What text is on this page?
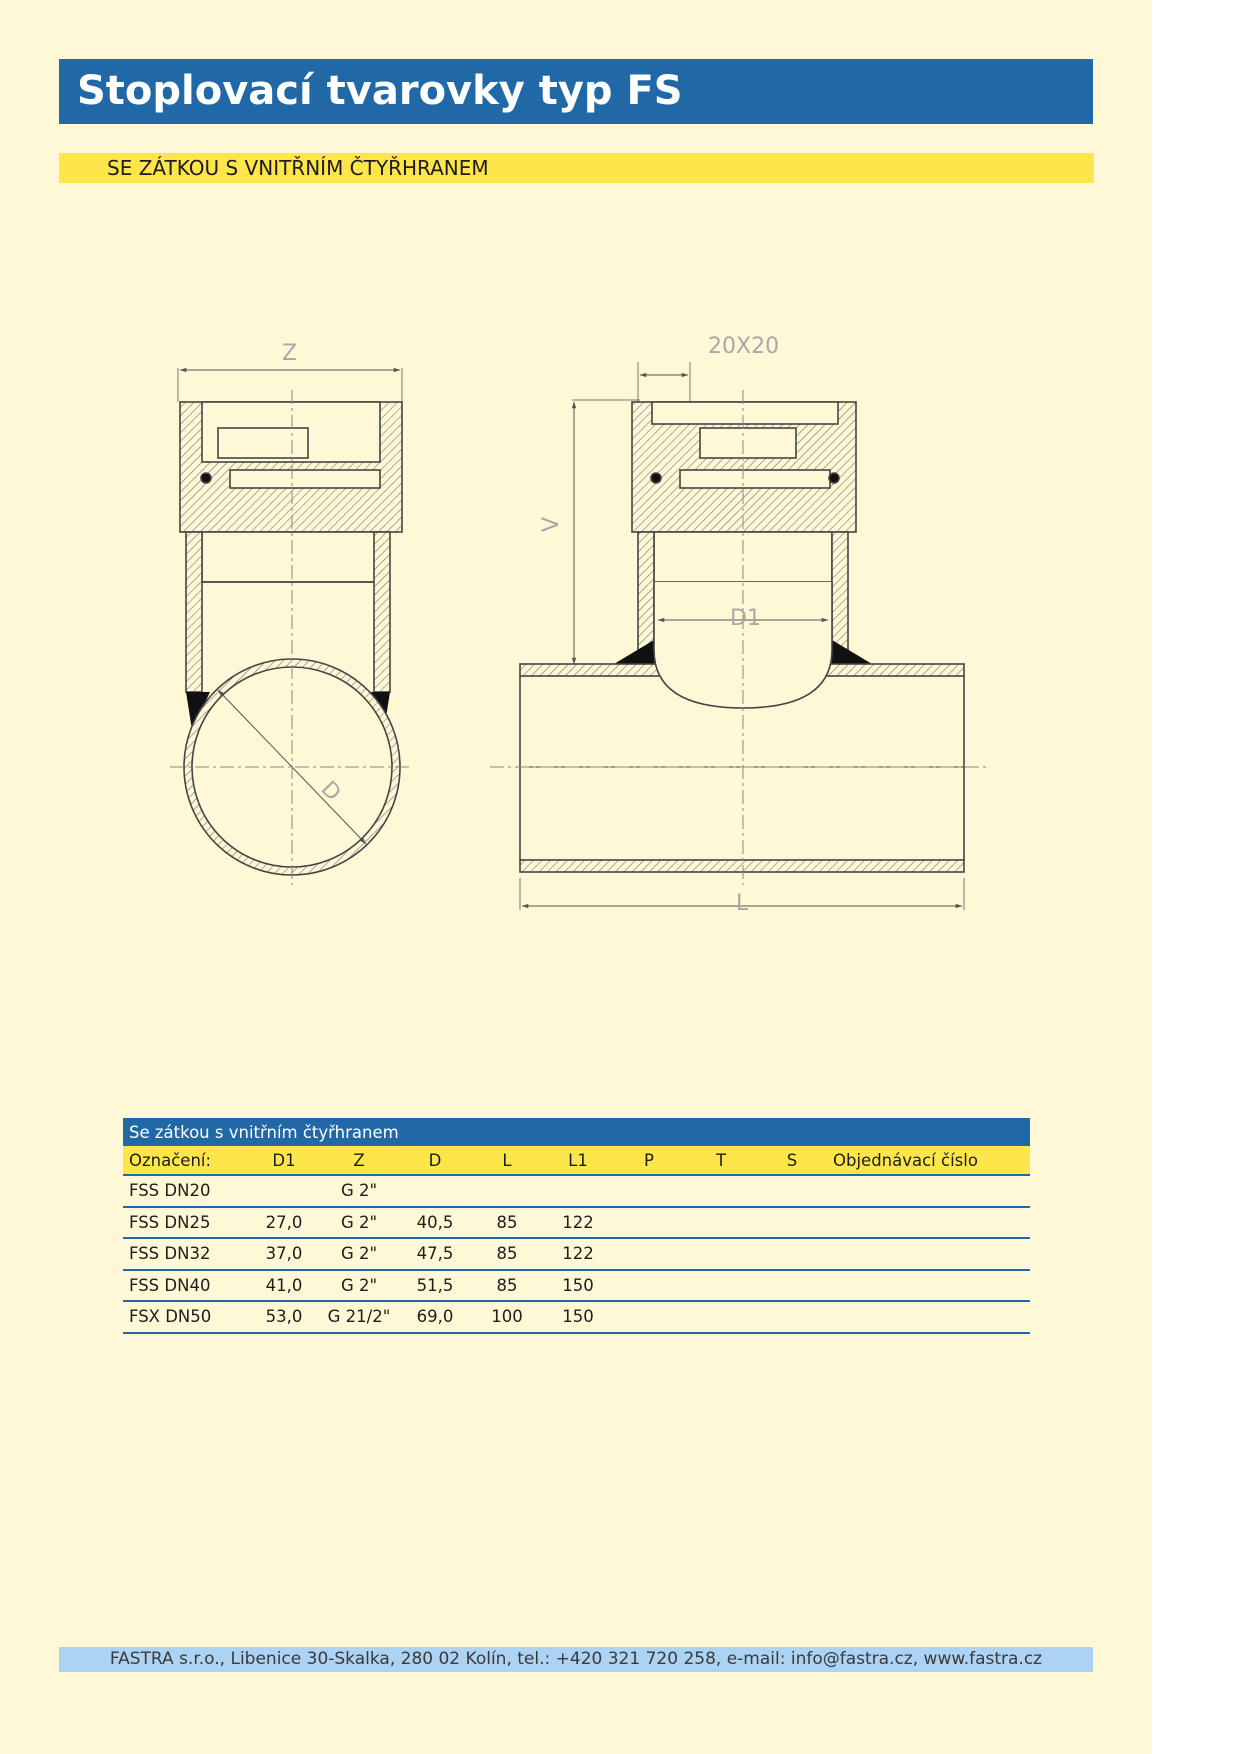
Stoplovací tvarovky typ FS
SE ZÁTKOU S VNITŘNÍM ČTYŘHRANEM
Z
D
20X20
V
D1
L
Se zátkou s vnitřním čtyřhranem									
Označení:	D1	Z	D	L	L1	P	T	S	Objednávací číslo
FSS DN20		G 2"							
FSS DN25	27,0	G 2"	40,5	85	122				
FSS DN32	37,0	G 2"	47,5	85	122				
FSS DN40	41,0	G 2"	51,5	85	150				
FSX DN50	53,0	G 21/2"	69,0	100	150				
FASTRA s.r.o., Libenice 30-Skalka, 280 02 Kolín, tel.: +420 321 720 258, e-mail: info@fastra.cz, www.fastra.cz
